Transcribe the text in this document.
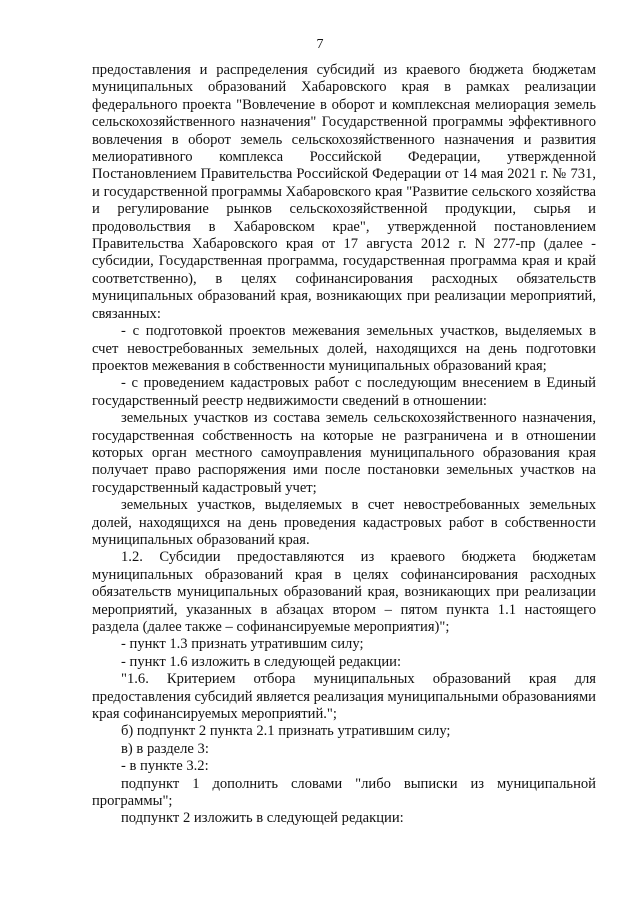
7

предоставления и распределения субсидий из краевого бюджета бюджетам муниципальных образований Хабаровского края в рамках реализации федерального проекта "Вовлечение в оборот и комплексная мелиорация земель сельскохозяйственного назначения" Государственной программы эффективного вовлечения в оборот земель сельскохозяйственного назначения и развития мелиоративного комплекса Российской Федерации, утвержденной Постановлением Правительства Российской Федерации от 14 мая 2021 г. № 731, и государственной программы Хабаровского края "Развитие сельского хозяйства и регулирование рынков сельскохозяйственной продукции, сырья и продовольствия в Хабаровском крае", утвержденной постановлением Правительства Хабаровского края от 17 августа 2012 г. N 277-пр (далее - субсидии, Государственная программа, государственная программа края и край соответственно), в целях софинансирования расходных обязательств муниципальных образований края, возникающих при реализации мероприятий, связанных:

- с подготовкой проектов межевания земельных участков, выделяемых в счет невостребованных земельных долей, находящихся на день подготовки проектов межевания в собственности муниципальных образований края;

- с проведением кадастровых работ с последующим внесением в Единый государственный реестр недвижимости сведений в отношении:

земельных участков из состава земель сельскохозяйственного назначения, государственная собственность на которые не разграничена и в отношении которых орган местного самоуправления муниципального образования края получает право распоряжения ими после постановки земельных участков на государственный кадастровый учет;

земельных участков, выделяемых в счет невостребованных земельных долей, находящихся на день проведения кадастровых работ в собственности муниципальных образований края.

1.2. Субсидии предоставляются из краевого бюджета бюджетам муниципальных образований края в целях софинансирования расходных обязательств муниципальных образований края, возникающих при реализации мероприятий, указанных в абзацах втором – пятом пункта 1.1 настоящего раздела (далее также – софинансируемые мероприятия)";

- пункт 1.3 признать утратившим силу;

- пункт 1.6 изложить в следующей редакции:

"1.6. Критерием отбора муниципальных образований края для предоставления субсидий является реализация муниципальными образованиями края софинансируемых мероприятий.";

б) подпункт 2 пункта 2.1 признать утратившим силу;

в) в разделе 3:

- в пункте 3.2:

подпункт 1 дополнить словами "либо выписки из муниципальной программы";

подпункт 2 изложить в следующей редакции:
